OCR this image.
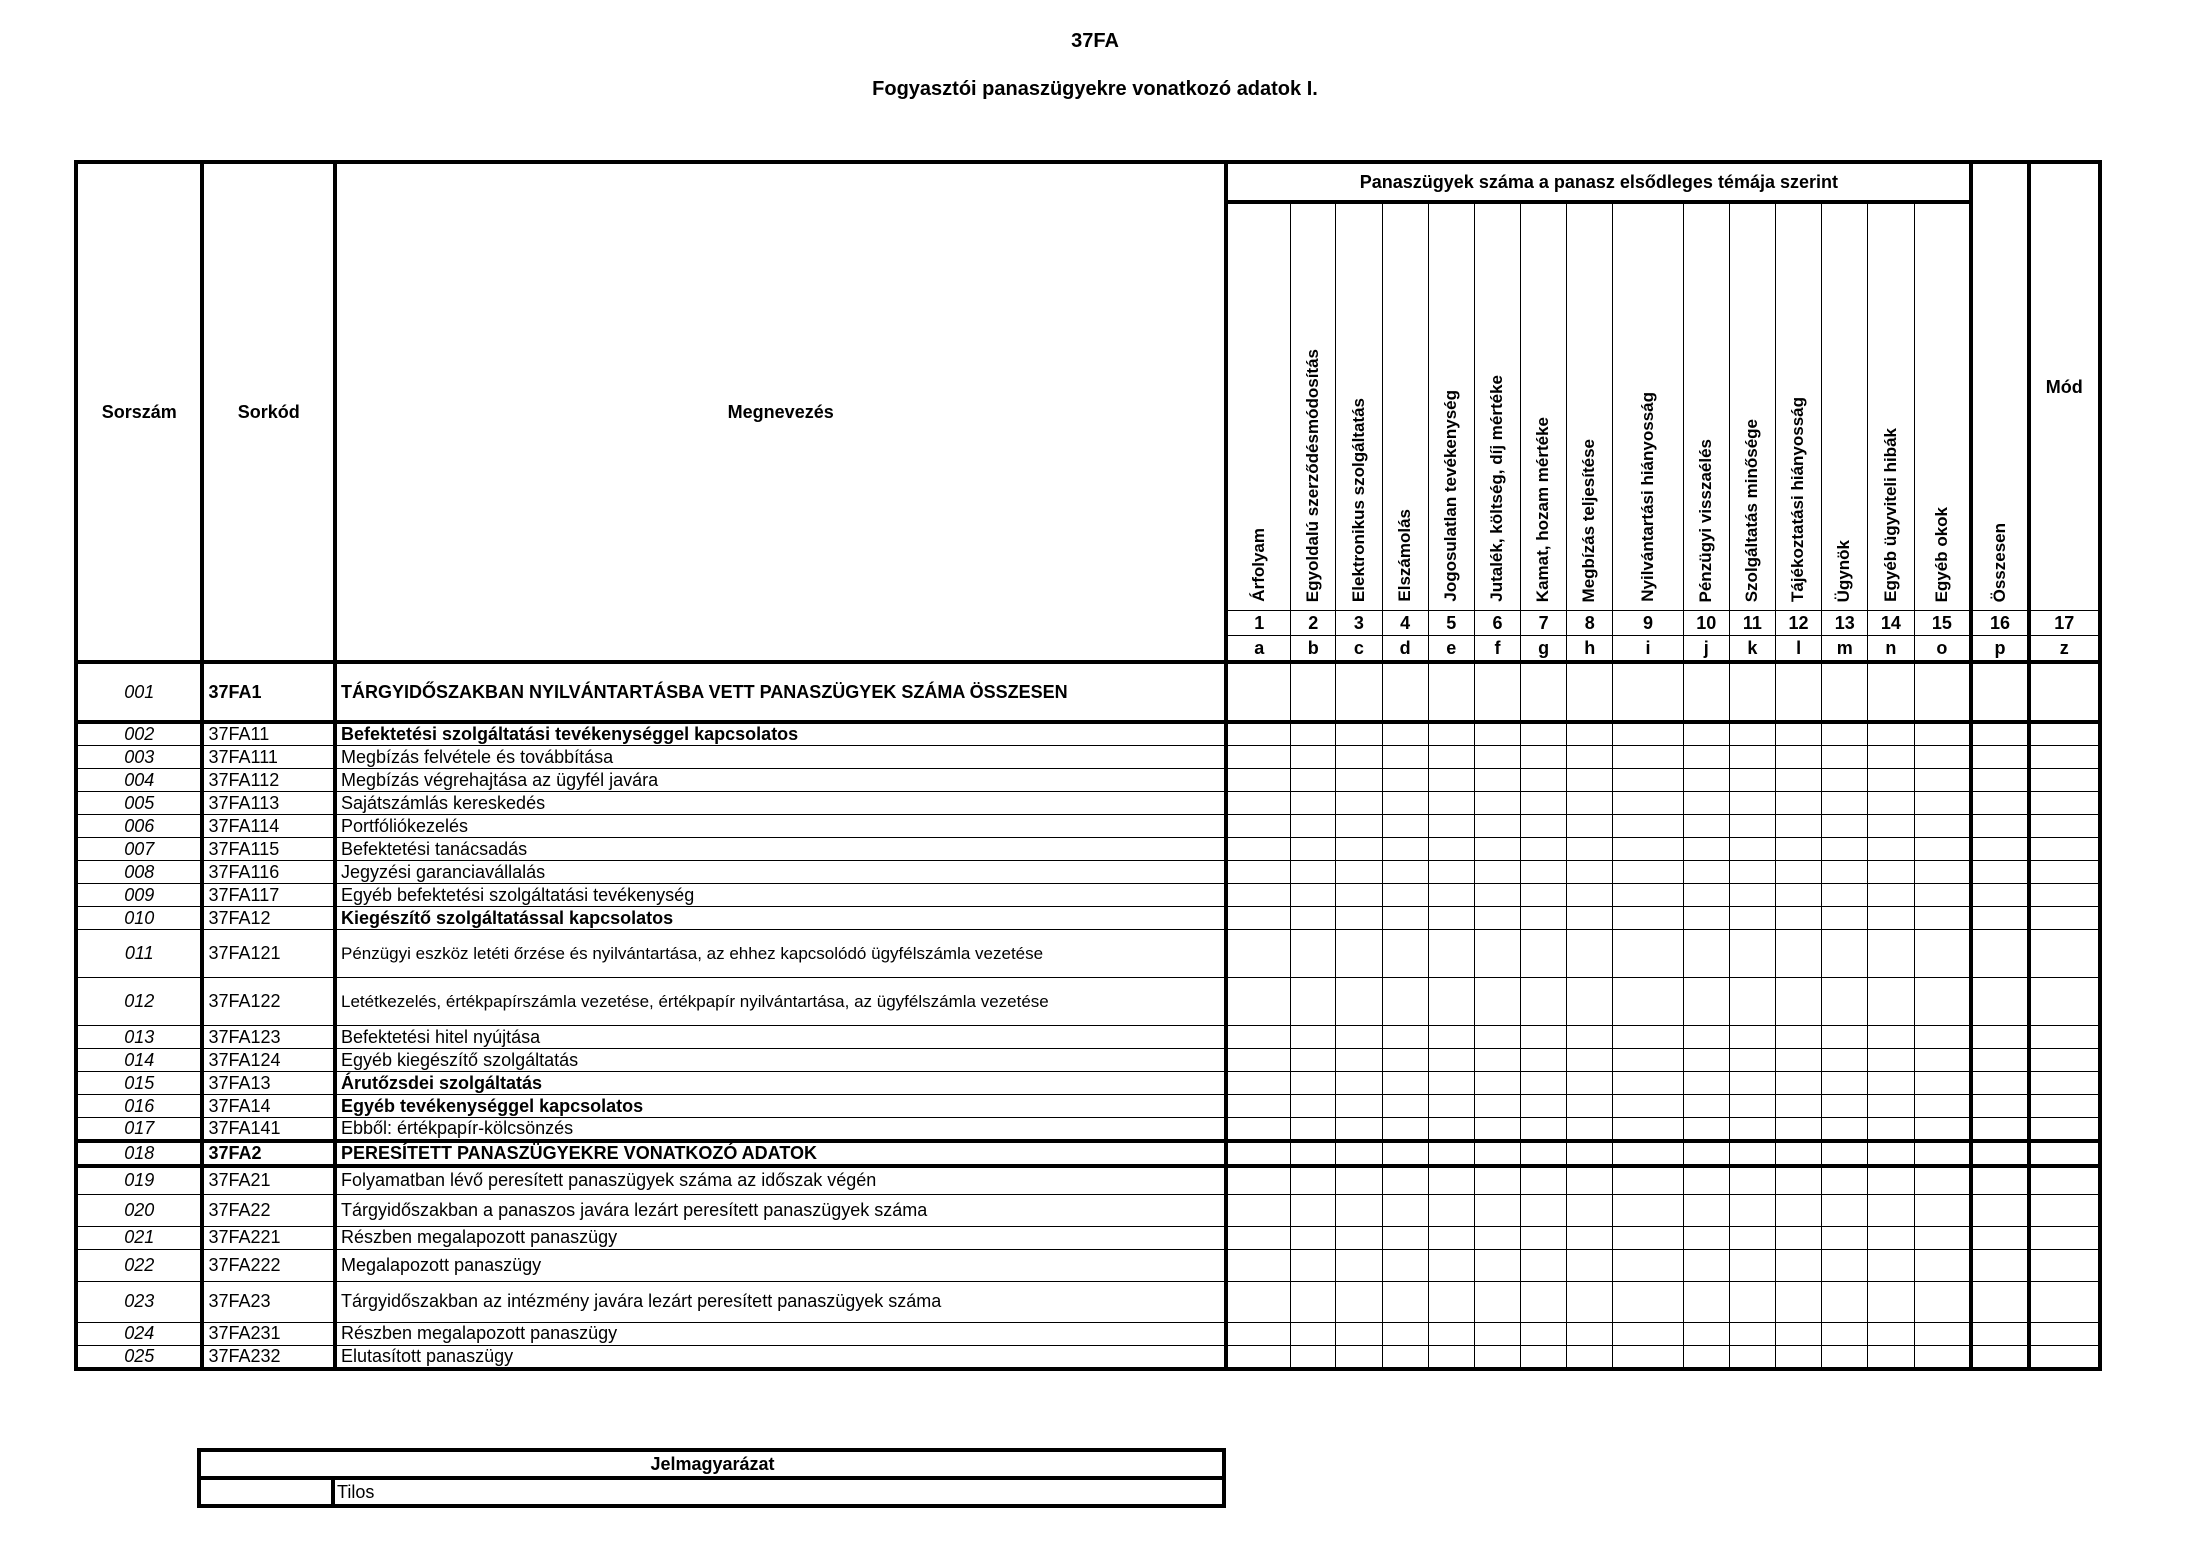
37FA
Fogyasztói panaszügyekre vonatkozó adatok I.
Sorszám	Sorkód	Megnevezés	Panaszügyek száma a panasz elsődleges témája szerint															Összesen	Mód

			Árfolyam	Egyoldalú szerződésmódosítás	Elektronikus szolgáltatás	Elszámolás	Jogosulatlan tevékenység	Jutalék, költség, díj mértéke	Kamat, hozam mértéke	Megbízás teljesítése	Nyilvántartási hiányosság	Pénzügyi visszaélés	Szolgáltatás minősége	Tájékoztatási hiányosság	Ügynök	Egyéb ügyviteli hibák	Egyéb okok		

			1	2	3	4	5	6	7	8	9	10	11	12	13	14	15	16	17
			a	b	c	d	e	f	g	h	i	j	k	l	m	n	o	p	z
001	37FA1	TÁRGYIDŐSZAKBAN NYILVÁNTARTÁSBA VETT PANASZÜGYEK SZÁMA ÖSSZESEN																	
002	37FA11	Befektetési szolgáltatási tevékenységgel kapcsolatos																	
003	37FA111	Megbízás felvétele és továbbítása																	
004	37FA112	Megbízás végrehajtása az ügyfél javára																	
005	37FA113	Sajátszámlás kereskedés																	
006	37FA114	Portfóliókezelés																	
007	37FA115	Befektetési tanácsadás																	
008	37FA116	Jegyzési garanciavállalás																	
009	37FA117	Egyéb befektetési szolgáltatási tevékenység																	
010	37FA12	Kiegészítő szolgáltatással kapcsolatos																	
011	37FA121	Pénzügyi eszköz letéti őrzése és nyilvántartása, az ehhez kapcsolódó ügyfélszámla vezetése																	
012	37FA122	Letétkezelés, értékpapírszámla vezetése, értékpapír nyilvántartása, az ügyfélszámla vezetése																	
013	37FA123	Befektetési hitel nyújtása																	
014	37FA124	Egyéb kiegészítő szolgáltatás																	
015	37FA13	Árutőzsdei szolgáltatás																	
016	37FA14	Egyéb tevékenységgel kapcsolatos																	
017	37FA141	Ebből: értékpapír-kölcsönzés																	
018	37FA2	PERESÍTETT PANASZÜGYEKRE VONATKOZÓ ADATOK																	
019	37FA21	Folyamatban lévő peresített panaszügyek száma az időszak végén																	
020	37FA22	Tárgyidőszakban a panaszos javára lezárt peresített panaszügyek száma																	
021	37FA221	Részben megalapozott panaszügy																	
022	37FA222	Megalapozott panaszügy																	
023	37FA23	Tárgyidőszakban az intézmény javára lezárt peresített panaszügyek száma																	
024	37FA231	Részben megalapozott panaszügy																	
025	37FA232	Elutasított panaszügy																	
Jelmagyarázat
	Tilos
